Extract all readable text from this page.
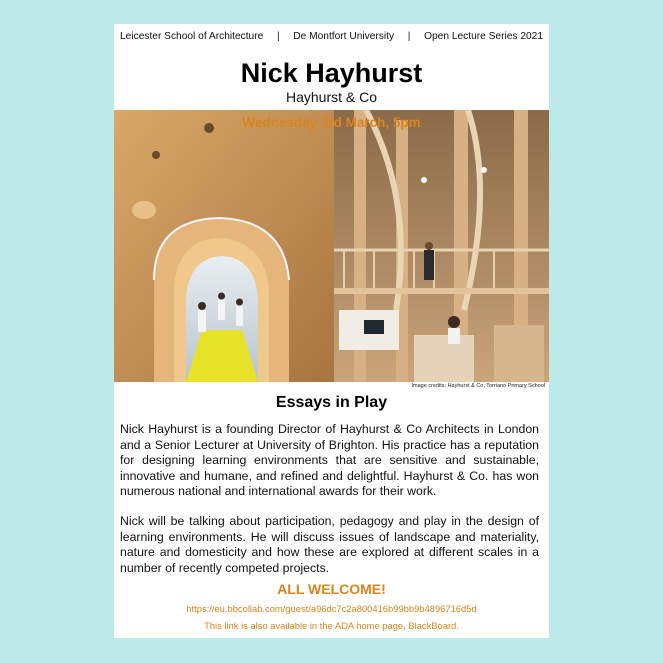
Leicester School of Architecture | De Montfort University | Open Lecture Series 2021
Nick Hayhurst
Hayhurst & Co
Wednesday 3rd March, 5pm
Image credits: Hayhurst & Co, Torriano Primary School
Essays in Play

Nick Hayhurst is a founding Director of Hayhurst & Co Architects in London and a Senior Lecturer at University of Brighton. His practice has a reputation for designing learning environments that are sensitive and sustainable, innovative and humane, and refined and delightful. Hayhurst & Co. has won numerous national and international awards for their work.

Nick will be talking about participation, pedagogy and play in the design of learning environments. He will discuss issues of landscape and materiality, nature and domesticity and how these are explored at different scales in a number of recently competed projects.

ALL WELCOME!
https://eu.bbcollab.com/guest/a96dc7c2a800416b99bb9b4896716d5d
This link is also available in the ADA home page, BlackBoard.
